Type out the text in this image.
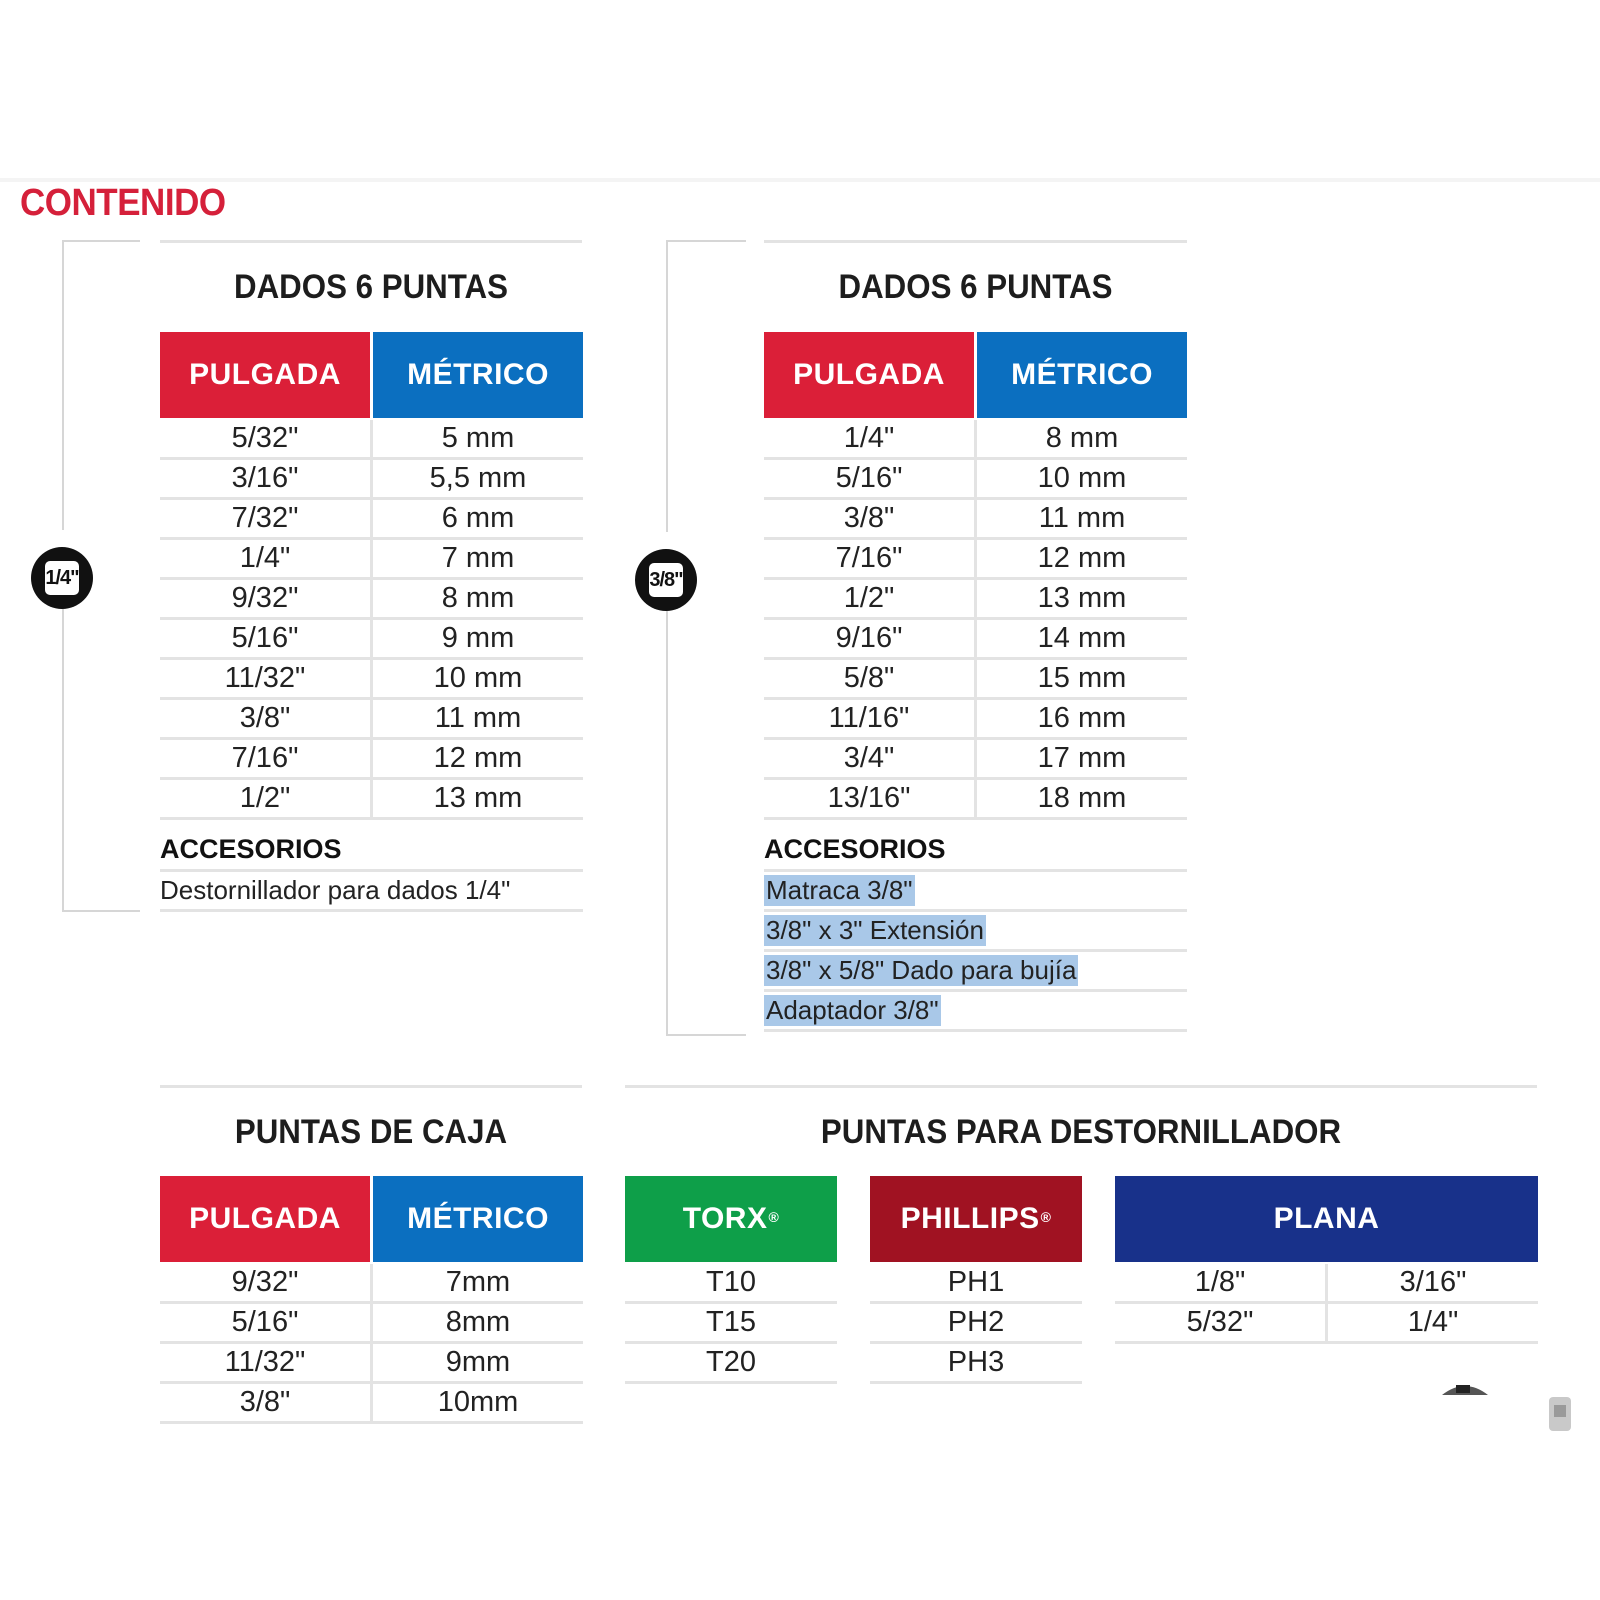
CONTENIDO
1/4"
DADOS 6 PUNTAS
PULGADA	MÉTRICO
5/32"	5 mm
3/16"	5,5 mm
7/32"	6 mm
1/4"	7 mm
9/32"	8 mm
5/16"	9 mm
11/32"	10 mm
3/8"	11 mm
7/16"	12 mm
1/2"	13 mm
ACCESORIOS
Destornillador para dados 1/4"
3/8"
DADOS 6 PUNTAS
PULGADA	MÉTRICO
1/4"	8 mm
5/16"	10 mm
3/8"	11 mm
7/16"	12 mm
1/2"	13 mm
9/16"	14 mm
5/8"	15 mm
11/16"	16 mm
3/4"	17 mm
13/16"	18 mm
ACCESORIOS
Matraca 3/8"
3/8" x 3" Extensión
3/8" x 5/8" Dado para bujía
Adaptador 3/8"
PUNTAS DE CAJA
PULGADA	MÉTRICO
9/32"	7mm
5/16"	8mm
11/32"	9mm
3/8"	10mm
PUNTAS PARA DESTORNILLADOR
TORX®
T10
T15
T20
PHILLIPS®
PH1
PH2
PH3
PLANA
1/8"	3/16"
5/32"	1/4"
